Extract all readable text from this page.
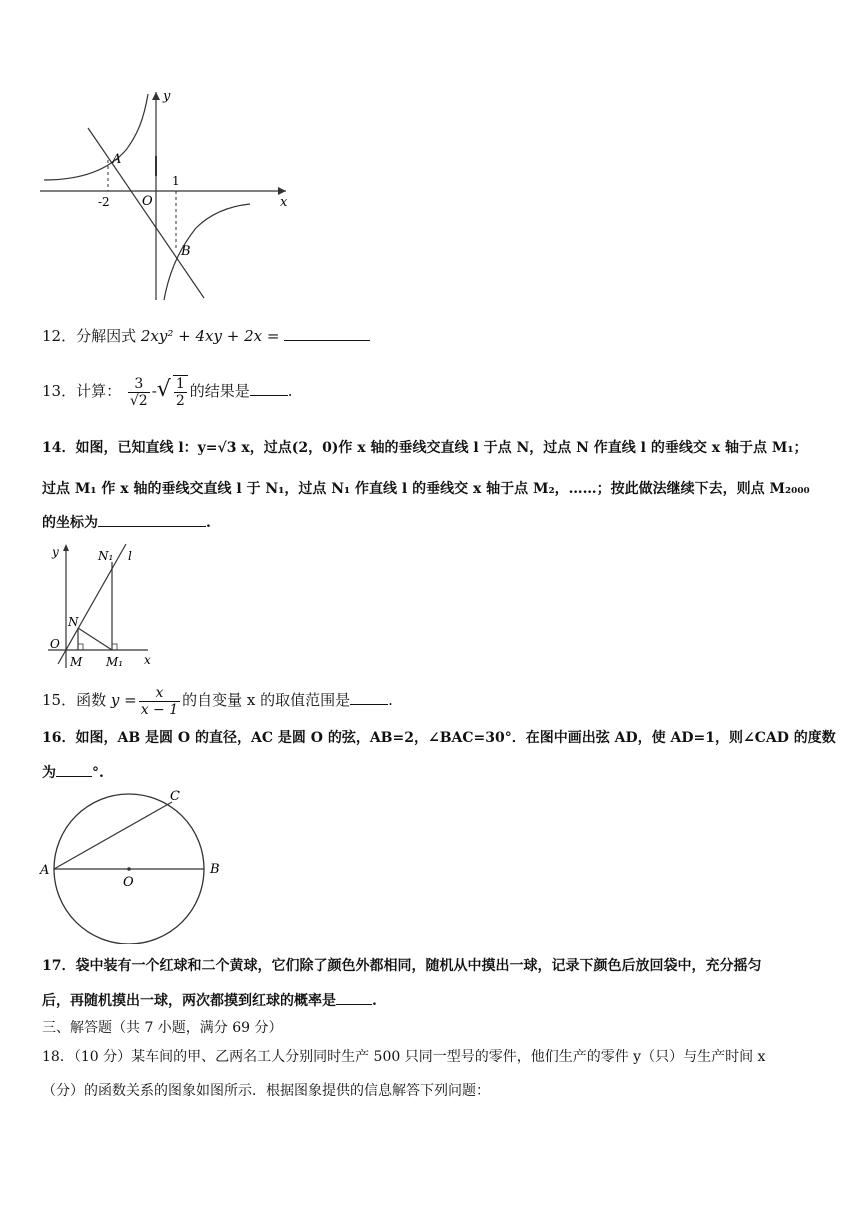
y
x
O
A
B
-2
1
12．分解因式 2xy² + 4xy + 2x =
13．计算： $\frac{3}{√2}$ -√ $\frac{1}{2}$ 的结果是	.
14．如图，已知直线 l：y=√3 x，过点(2，0)作 x 轴的垂线交直线 l 于点 N，过点 N 作直线 l 的垂线交 x 轴于点 M₁；
过点 M₁ 作 x 轴的垂线交直线 l 于 N₁，过点 N₁ 作直线 l 的垂线交 x 轴于点 M₂，……；按此做法继续下去，则点 M₂₀₀₀
的坐标为	.
y
x
O
N
N₁ l
M M₁
15．函数 $y = \frac{x}{x - 1}$ 的自变量 x 的取值范围是	.
16．如图，AB 是圆 O 的直径，AC 是圆 O 的弦，AB=2，∠BAC=30°．在图中画出弦 AD，使 AD=1，则∠CAD 的度数
为	°.
A	B
C
O
17．袋中装有一个红球和二个黄球，它们除了颜色外都相同，随机从中摸出一球，记录下颜色后放回袋中，充分摇匀
后，再随机摸出一球，两次都摸到红球的概率是	.
三、解答题（共 7 小题，满分 69 分）
18．（10 分）某车间的甲、乙两名工人分别同时生产 500 只同一型号的零件，他们生产的零件 y（只）与生产时间 x
（分）的函数关系的图象如图所示．根据图象提供的信息解答下列问题：
